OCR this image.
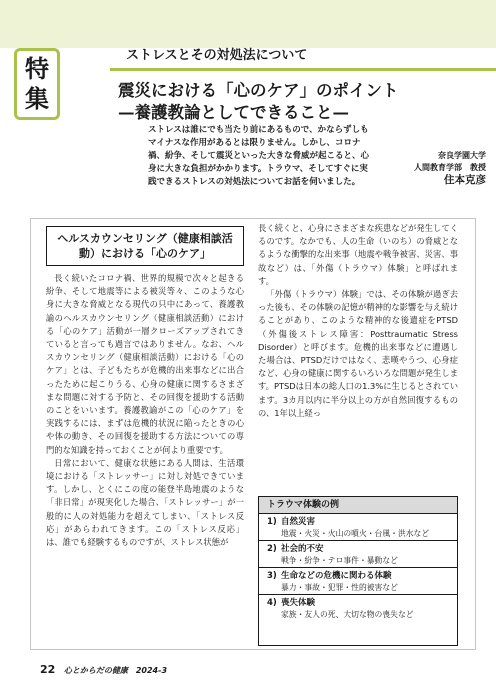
ストレスとその対処法について
特
集	震災における「心のケア」のポイント
—養護教論としてできること—
ストレスは誰にでも当たり前にあるもので、かならずしもマイナスな作用があるとは限りません。しかし、コロナ禍、紛争、そして震災といった大きな脅威が起こると、心身に大きな負担がかかります。トラウマ、そしてすぐに実践できるストレスの対処法についてお話を伺いました。
奈良学園大学
人間教育学部　教授
住本克彦
ヘルスカウンセリング（健康相談活動）における「心のケア」

長く続いたコロナ禍、世界的規模で次々と起きる紛争、そして地震等による被災等々、このような心身に大きな脅威となる現代の只中にあって、養護教諭のヘルスカウンセリング（健康相談活動）における「心のケア」活動が一層クローズアップされてきていると言っても過言ではありません。なお、ヘルスカウンセリング（健康相談活動）における「心のケア」とは、子どもたちが危機的出来事などに出合ったために起こりうる、心身の健康に関するさまざまな問題に対する予防と、その回復を援助する活動のことをいいます。養護教諭がこの「心のケア」を実践するには、まずは危機的状況に陥ったときの心や体の動き、その回復を援助する方法についての専門的な知識を持っておくことが何より重要です。

日常において、健康な状態にある人間は、生活環境における「ストレッサー」に対し対処できています。しかし、とくにこの度の能登半島地震のような「非日常」が現実化した場合、「ストレッサー」が一般的に人の対処能力を超えてしまい、「ストレス反応」があらわれてきます。この「ストレス反応」は、誰でも経験するものですが、ストレス状態が

長く続くと、心身にさまざまな疾患などが発生してくるのです。なかでも、人の生命（いのち）の脅威となるような衝撃的な出来事（地震や戦争被害、災害、事故など）は、「外傷（トラウマ）体験」と呼ばれます。

「外傷（トラウマ）体験」では、その体験が過ぎ去った後も、その体験の記憶が精神的な影響を与え続けることがあり、このような精神的な後遺症をPTSD（外傷後ストレス障害：Posttraumatic Stress Disorder）と呼びます。危機的出来事などに遭遇した場合は、PTSDだけではなく、悲嘆やうつ、心身症など、心身の健康に関するいろいろな問題が発生します。PTSDは日本の総人口の1.3%に生じるとされています。3カ月以内に半分以上の方が自然回復するものの、1年以上経っ

トラウマ体験の例
1) 自然災害
地震・火災・火山の噴火・台風・洪水など
2) 社会的不安
戦争・紛争・テロ事件・暴動など
3) 生命などの危機に関わる体験
暴力・事故・犯罪・性的被害など
4) 喪失体験
家族・友人の死、大切な物の喪失など
22 心とからだの健康　2024-3
